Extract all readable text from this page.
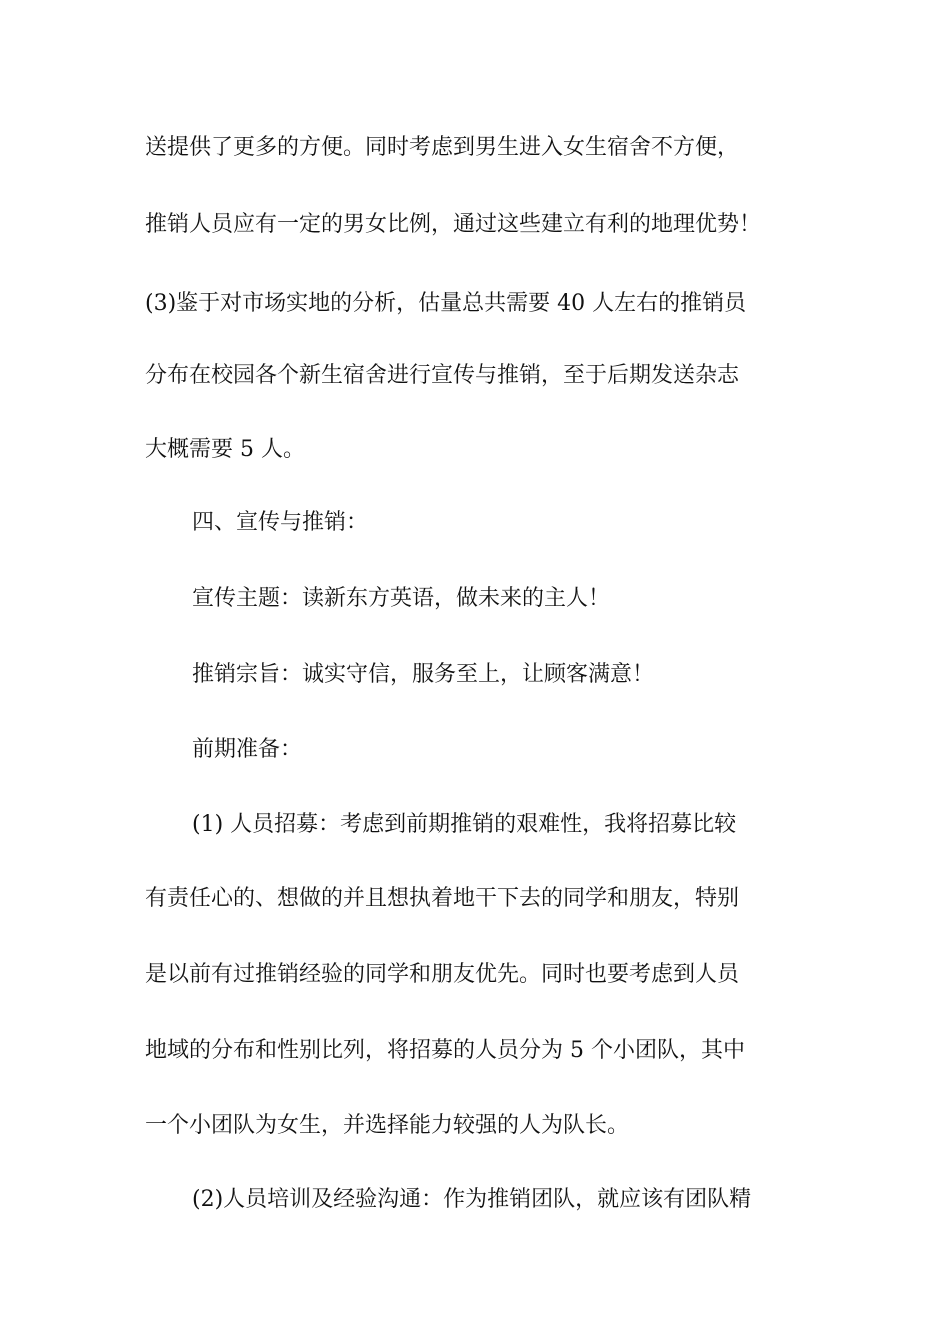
送提供了更多的方便。同时考虑到男生进入女生宿舍不方便，
推销人员应有一定的男女比例，通过这些建立有利的地理优势！
(3)鉴于对市场实地的分析，估量总共需要 40 人左右的推销员
分布在校园各个新生宿舍进行宣传与推销，至于后期发送杂志
大概需要 5 人。
四、宣传与推销：
宣传主题：读新东方英语，做未来的主人！
推销宗旨：诚实守信，服务至上，让顾客满意！
前期准备：
(1) 人员招募：考虑到前期推销的艰难性，我将招募比较
有责任心的、想做的并且想执着地干下去的同学和朋友，特别
是以前有过推销经验的同学和朋友优先。同时也要考虑到人员
地域的分布和性别比列，将招募的人员分为 5 个小团队，其中
一个小团队为女生，并选择能力较强的人为队长。
(2)人员培训及经验沟通：作为推销团队，就应该有团队精
